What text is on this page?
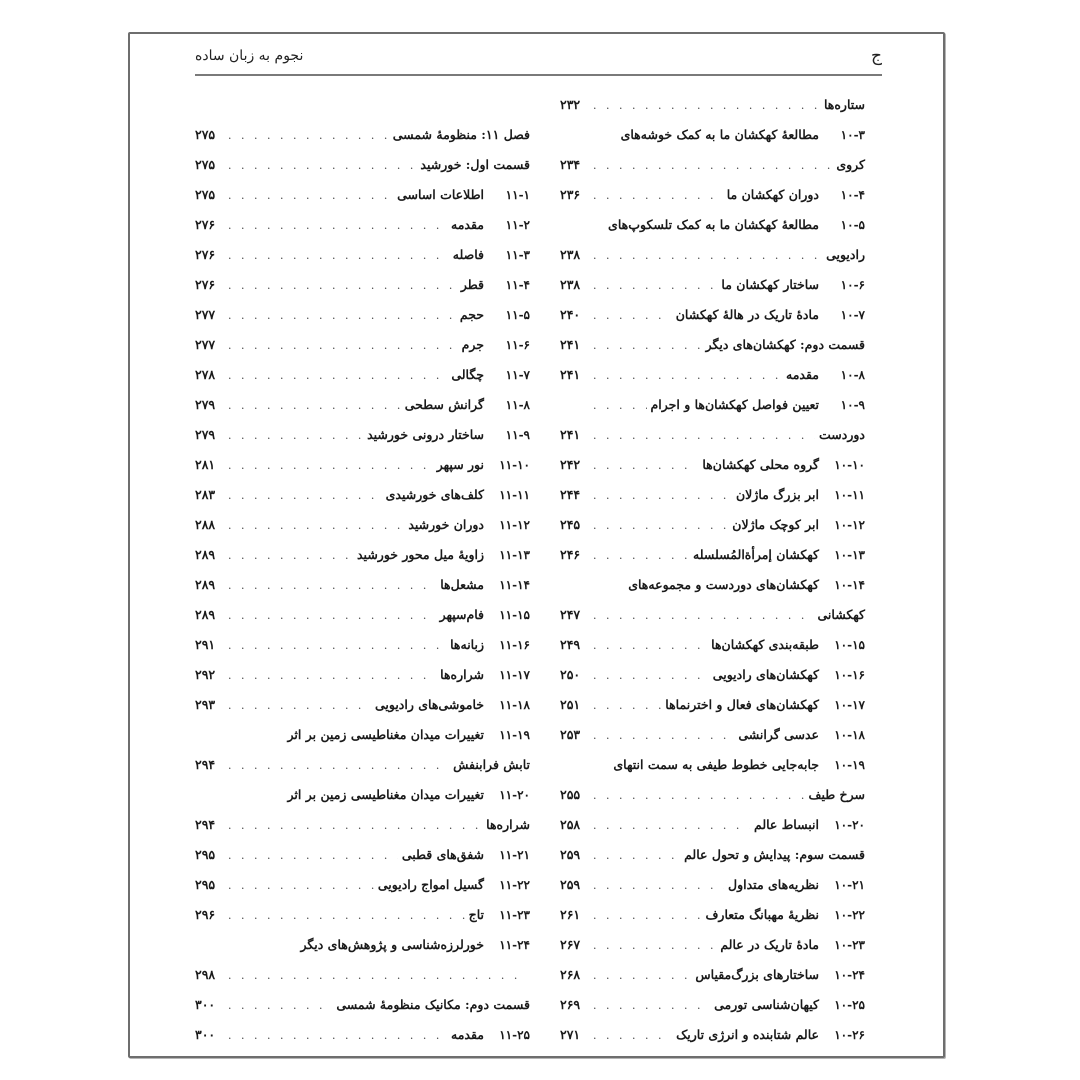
ج
نجوم به زبان ساده
ستاره‌ها
. . .
۲۳۲
۱۰-۳
مطالعهٔ کهکشان ما به کمک خوشه‌های
کروی
. . .
۲۳۴
۱۰-۴
دوران کهکشان ما
. . .
۲۳۶
۱۰-۵
مطالعهٔ کهکشان ما به کمک تلسکوپ‌های
رادیویی
. . .
۲۳۸
۱۰-۶
ساختار کهکشان ما
. . .
۲۳۸
۱۰-۷
مادهٔ تاریک در هالهٔ کهکشان
. . .
۲۴۰
قسمت دوم: کهکشان‌های دیگر
. . .
۲۴۱
۱۰-۸
مقدمه
. . .
۲۴۱
۱۰-۹
تعیین فواصل کهکشان‌ها و اجرام
. . .
دوردست
. . .
۲۴۱
۱۰-۱۰
گروه محلی کهکشان‌ها
. . .
۲۴۲
۱۰-۱۱
ابر بزرگ ماژلان
. . .
۲۴۴
۱۰-۱۲
ابر کوچک ماژلان
. . .
۲۴۵
۱۰-۱۳
کهکشان إمرأة‌المُسلسله
. . .
۲۴۶
۱۰-۱۴
کهکشان‌های دوردست و مجموعه‌های
کهکشانی
. . .
۲۴۷
۱۰-۱۵
طبقه‌بندی کهکشان‌ها
. . .
۲۴۹
۱۰-۱۶
کهکشان‌های رادیویی
. . .
۲۵۰
۱۰-۱۷
کهکشان‌های فعال و اخترنماها
. . .
۲۵۱
۱۰-۱۸
عدسی گرانشی
. . .
۲۵۳
۱۰-۱۹
جابه‌جایی خطوط طیفی به سمت انتهای
سرخ طیف
. . .
۲۵۵
۱۰-۲۰
انبساط عالم
. . .
۲۵۸
قسمت سوم: پیدایش و تحول عالم
. . .
۲۵۹
۱۰-۲۱
نظریه‌های متداول
. . .
۲۵۹
۱۰-۲۲
نظریهٔ مهبانگ متعارف
. . .
۲۶۱
۱۰-۲۳
مادهٔ تاریک در عالم
. . .
۲۶۷
۱۰-۲۴
ساختارهای بزرگ‌مقیاس
. . .
۲۶۸
۱۰-۲۵
کیهان‌شناسی تورمی
. . .
۲۶۹
۱۰-۲۶
عالم شتابنده و انرژی تاریک
. . .
۲۷۱
فصل ۱۱: منظومهٔ شمسی
. . .
۲۷۵
قسمت اول: خورشید
. . .
۲۷۵
۱۱-۱
اطلاعات اساسی
. . .
۲۷۵
۱۱-۲
مقدمه
. . .
۲۷۶
۱۱-۳
فاصله
. . .
۲۷۶
۱۱-۴
قطر
. . .
۲۷۶
۱۱-۵
حجم
. . .
۲۷۷
۱۱-۶
جرم
. . .
۲۷۷
۱۱-۷
چگالی
. . .
۲۷۸
۱۱-۸
گرانش سطحی
. . .
۲۷۹
۱۱-۹
ساختار درونی خورشید
. . .
۲۷۹
۱۱-۱۰
نور سپهر
. . .
۲۸۱
۱۱-۱۱
کلف‌های خورشیدی
. . .
۲۸۳
۱۱-۱۲
دوران خورشید
. . .
۲۸۸
۱۱-۱۳
زاویهٔ میل محور خورشید
. . .
۲۸۹
۱۱-۱۴
مشعل‌ها
. . .
۲۸۹
۱۱-۱۵
فام‌سپهر
. . .
۲۸۹
۱۱-۱۶
زبانه‌ها
. . .
۲۹۱
۱۱-۱۷
شراره‌ها
. . .
۲۹۲
۱۱-۱۸
خاموشی‌های رادیویی
. . .
۲۹۳
۱۱-۱۹
تغییرات میدان مغناطیسی زمین بر اثر
تابش فرابنفش
. . .
۲۹۴
۱۱-۲۰
تغییرات میدان مغناطیسی زمین بر اثر
شراره‌ها
. . .
۲۹۴
۱۱-۲۱
شفق‌های قطبی
. . .
۲۹۵
۱۱-۲۲
گسیل امواج رادیویی
. . .
۲۹۵
۱۱-۲۳
تاج
. . .
۲۹۶
۱۱-۲۴
خورلرزه‌شناسی و پژوهش‌های دیگر
. . .
۲۹۸
قسمت دوم: مکانیک منظومهٔ شمسی
. . .
۳۰۰
۱۱-۲۵
مقدمه
. . .
۳۰۰
